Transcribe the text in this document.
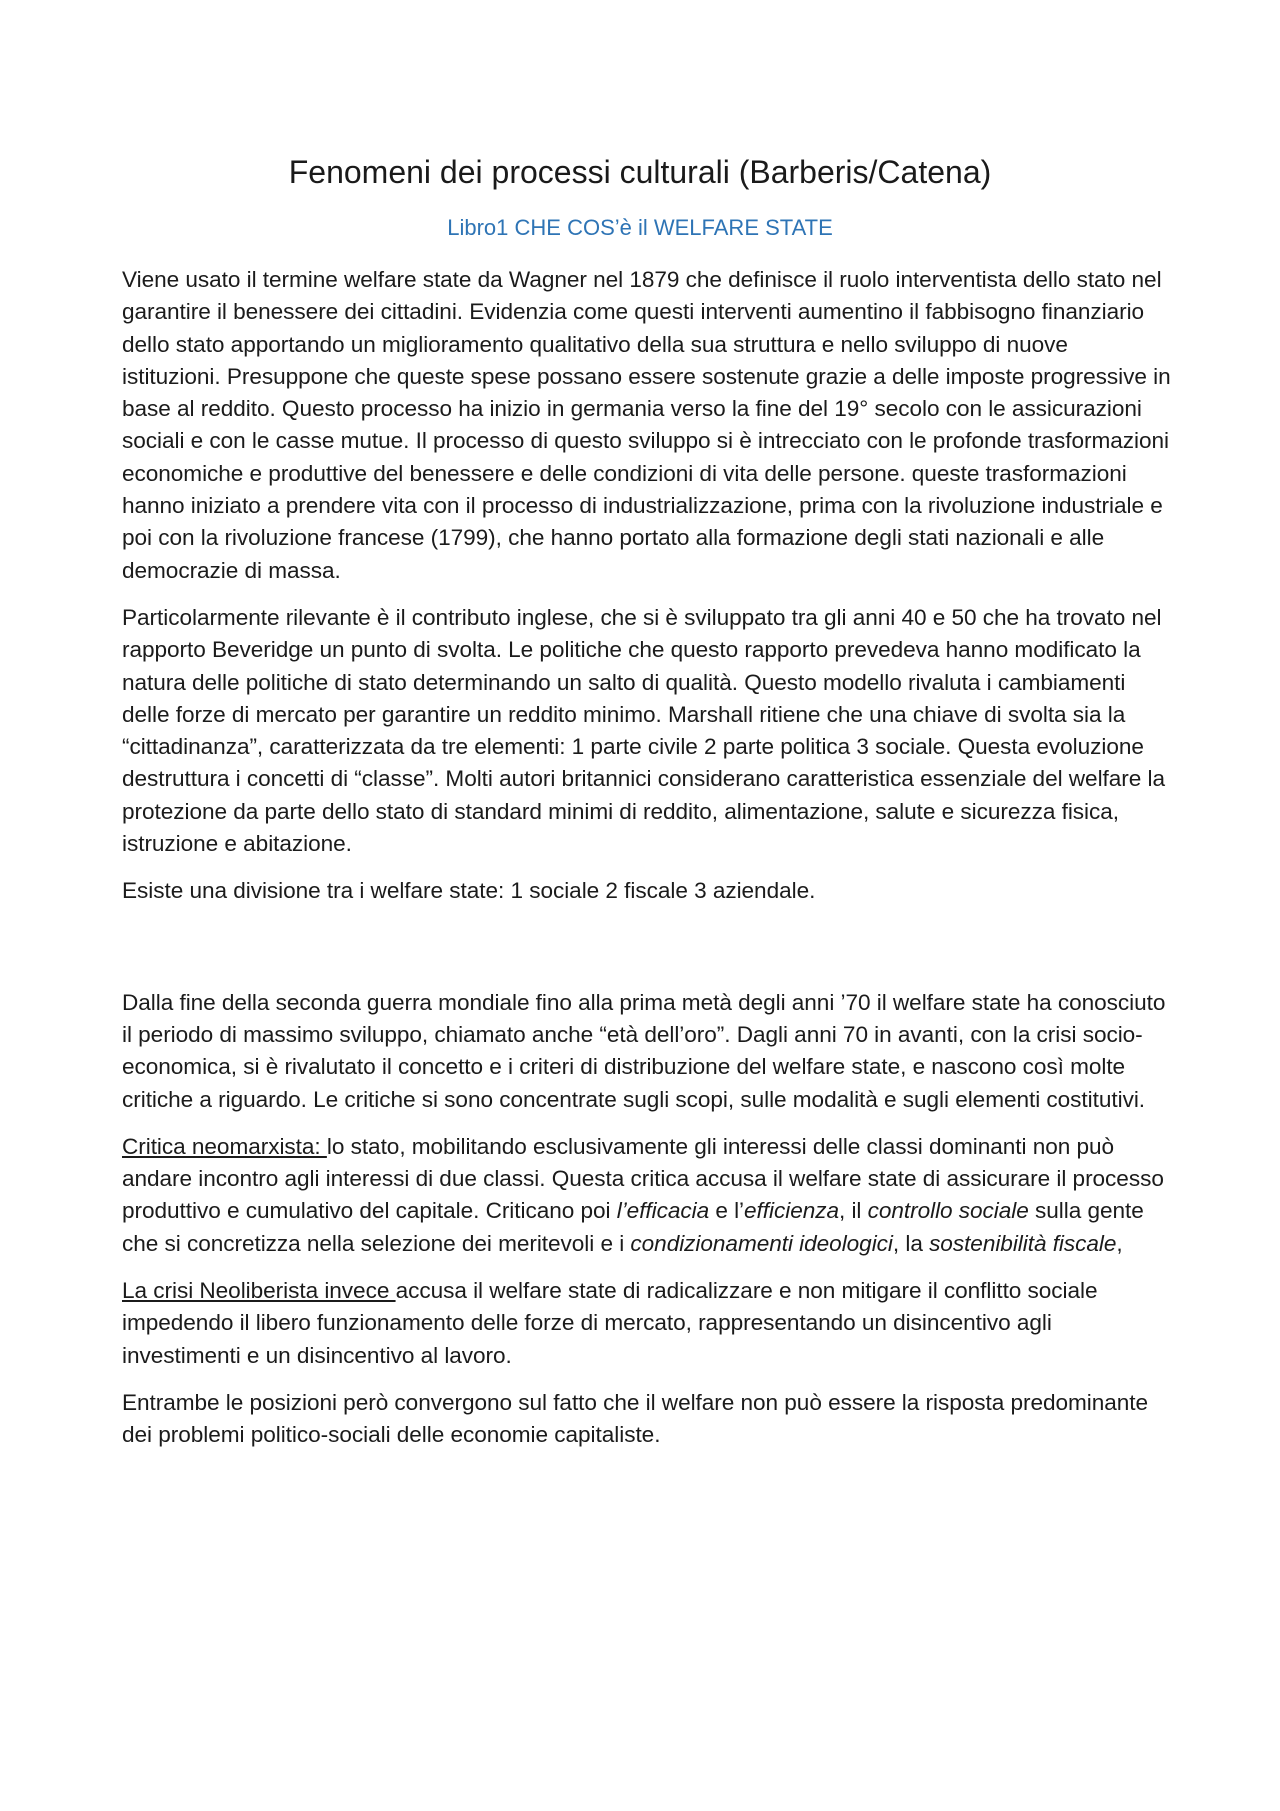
Fenomeni dei processi culturali (Barberis/Catena)
Libro1 CHE COS’è il WELFARE STATE

Viene usato il termine welfare state da Wagner nel 1879 che definisce il ruolo interventista dello stato nel garantire il benessere dei cittadini. Evidenzia come questi interventi aumentino il fabbisogno finanziario dello stato apportando un miglioramento qualitativo della sua struttura e nello sviluppo di nuove istituzioni. Presuppone che queste spese possano essere sostenute grazie a delle imposte progressive in base al reddito. Questo processo ha inizio in germania verso la fine del 19° secolo con le assicurazioni sociali e con le casse mutue. Il processo di questo sviluppo si è intrecciato con le profonde trasformazioni economiche e produttive del benessere e delle condizioni di vita delle persone. queste trasformazioni hanno iniziato a prendere vita con il processo di industrializzazione, prima con la rivoluzione industriale e poi con la rivoluzione francese (1799), che hanno portato alla formazione degli stati nazionali e alle democrazie di massa.

Particolarmente rilevante è il contributo inglese, che si è sviluppato tra gli anni 40 e 50 che ha trovato nel rapporto Beveridge un punto di svolta. Le politiche che questo rapporto prevedeva hanno modificato la natura delle politiche di stato determinando un salto di qualità. Questo modello rivaluta i cambiamenti delle forze di mercato per garantire un reddito minimo. Marshall ritiene che una chiave di svolta sia la “cittadinanza”, caratterizzata da tre elementi: 1 parte civile 2 parte politica 3 sociale. Questa evoluzione destruttura i concetti di “classe”. Molti autori britannici considerano caratteristica essenziale del welfare la protezione da parte dello stato di standard minimi di reddito, alimentazione, salute e sicurezza fisica, istruzione e abitazione.

Esiste una divisione tra i welfare state: 1 sociale 2 fiscale 3 aziendale.

Dalla fine della seconda guerra mondiale fino alla prima metà degli anni ’70 il welfare state ha conosciuto il periodo di massimo sviluppo, chiamato anche “età dell’oro”. Dagli anni 70 in avanti, con la crisi socio-economica, si è rivalutato il concetto e i criteri di distribuzione del welfare state, e nascono così molte critiche a riguardo. Le critiche si sono concentrate sugli scopi, sulle modalità e sugli elementi costitutivi.

Critica neomarxista: lo stato, mobilitando esclusivamente gli interessi delle classi dominanti non può andare incontro agli interessi di due classi. Questa critica accusa il welfare state di assicurare il processo produttivo e cumulativo del capitale. Criticano poi l’efficacia e l’efficienza, il controllo sociale sulla gente che si concretizza nella selezione dei meritevoli e i condizionamenti ideologici, la sostenibilità fiscale,

La crisi Neoliberista invece accusa il welfare state di radicalizzare e non mitigare il conflitto sociale impedendo il libero funzionamento delle forze di mercato, rappresentando un disincentivo agli investimenti e un disincentivo al lavoro.

Entrambe le posizioni però convergono sul fatto che il welfare non può essere la risposta predominante dei problemi politico-sociali delle economie capitaliste.
